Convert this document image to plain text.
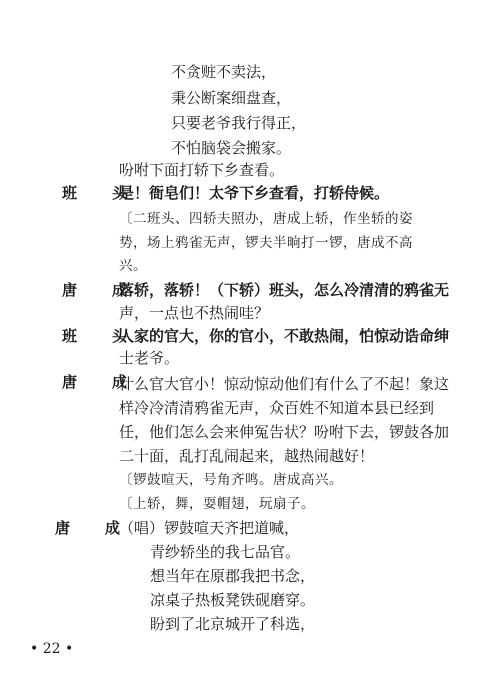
不贪赃不卖法，
秉公断案细盘查，
只要老爷我行得正，
不怕脑袋会搬家。
吩咐下面打轿下乡查看。
班　头
是！衙皂们！太爷下乡查看，打轿侍候。
〔二班头、四轿夫照办，唐成上轿，作坐轿的姿
势，场上鸦雀无声，锣夫半晌打一锣，唐成不高
兴。
唐　成
落轿，落轿！（下轿）班头，怎么冷清清的鸦雀无
声，一点也不热闹哇？
班　头
人家的官大，你的官小，不敢热闹，怕惊动诰命绅
士老爷。
唐　成
什么官大官小！惊动惊动他们有什么了不起！象这
样冷冷清清鸦雀无声，众百姓不知道本县已经到
任，他们怎么会来伸冤告状？吩咐下去，锣鼓各加
二十面，乱打乱闹起来，越热闹越好！
〔锣鼓喧天，号角齐鸣。唐成高兴。
〔上轿，舞，耍帽翅，玩扇子。
唐　成
（唱）锣鼓喧天齐把道喊，
青纱轿坐的我七品官。
想当年在原郡我把书念，
凉桌子热板凳铁砚磨穿。
盼到了北京城开了科选，
• 22 •
